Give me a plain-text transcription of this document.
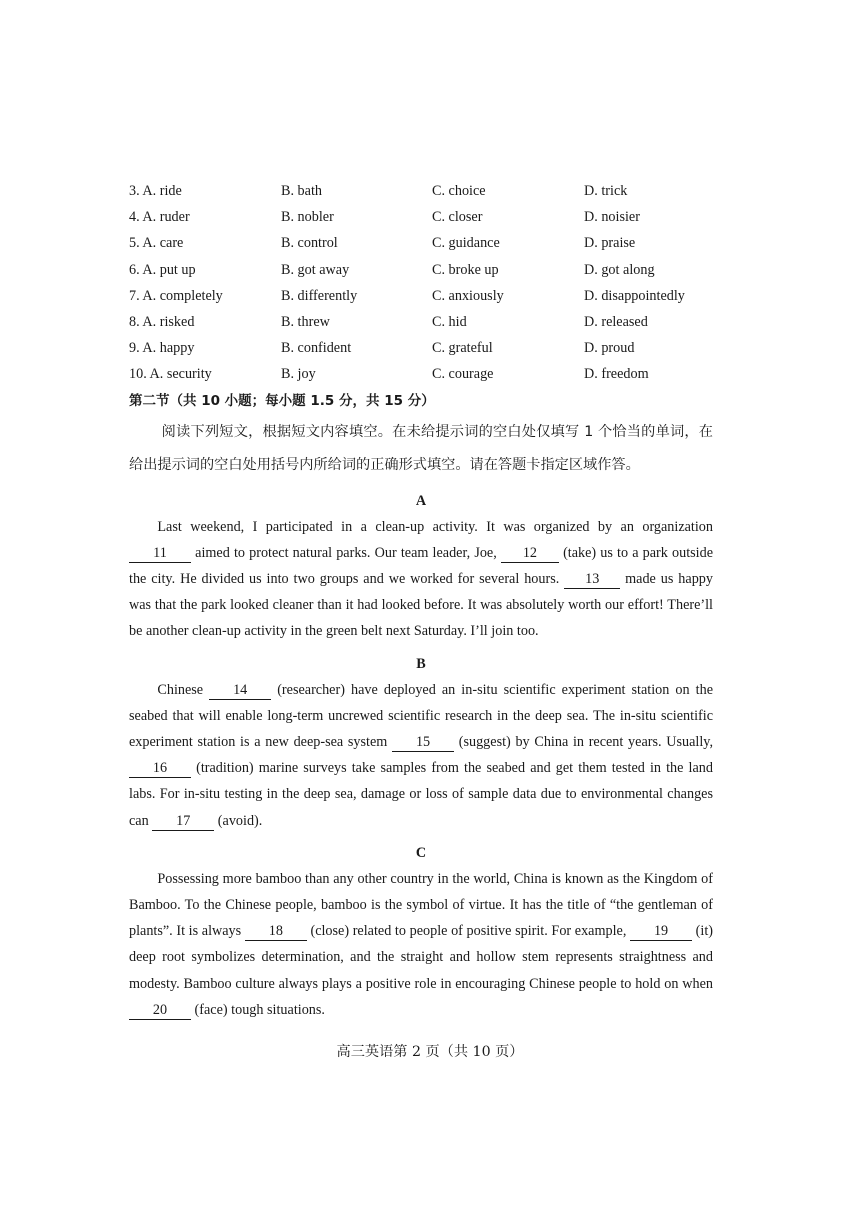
3. A. ride	B. bath	C. choice	D. trick
4. A. ruder	B. nobler	C. closer	D. noisier
5. A. care	B. control	C. guidance	D. praise
6. A. put up	B. got away	C. broke up	D. got along
7. A. completely	B. differently	C. anxiously	D. disappointedly
8. A. risked	B. threw	C. hid	D. released
9. A. happy	B. confident	C. grateful	D. proud
10. A. security	B. joy	C. courage	D. freedom
第二节（共 10 小题；每小题 1.5 分，共 15 分）
阅读下列短文，根据短文内容填空。在未给提示词的空白处仅填写 1 个恰当的单词，在给出提示词的空白处用括号内所给词的正确形式填空。请在答题卡指定区域作答。
A
Last weekend, I participated in a clean-up activity. It was organized by an organization 11 aimed to protect natural parks. Our team leader, Joe, 12 (take) us to a park outside the city. He divided us into two groups and we worked for several hours. 13 made us happy was that the park looked cleaner than it had looked before. It was absolutely worth our effort! There’ll be another clean-up activity in the green belt next Saturday. I’ll join too.
B
Chinese 14 (researcher) have deployed an in-situ scientific experiment station on the seabed that will enable long-term uncrewed scientific research in the deep sea. The in-situ scientific experiment station is a new deep-sea system 15 (suggest) by China in recent years. Usually, 16 (tradition) marine surveys take samples from the seabed and get them tested in the land labs. For in-situ testing in the deep sea, damage or loss of sample data due to environmental changes can 17 (avoid).
C
Possessing more bamboo than any other country in the world, China is known as the Kingdom of Bamboo. To the Chinese people, bamboo is the symbol of virtue. It has the title of “the gentleman of plants”. It is always 18 (close) related to people of positive spirit. For example, 19 (it) deep root symbolizes determination, and the straight and hollow stem represents straightness and modesty. Bamboo culture always plays a positive role in encouraging Chinese people to hold on when 20 (face) tough situations.
高三英语第 2 页（共 10 页）
